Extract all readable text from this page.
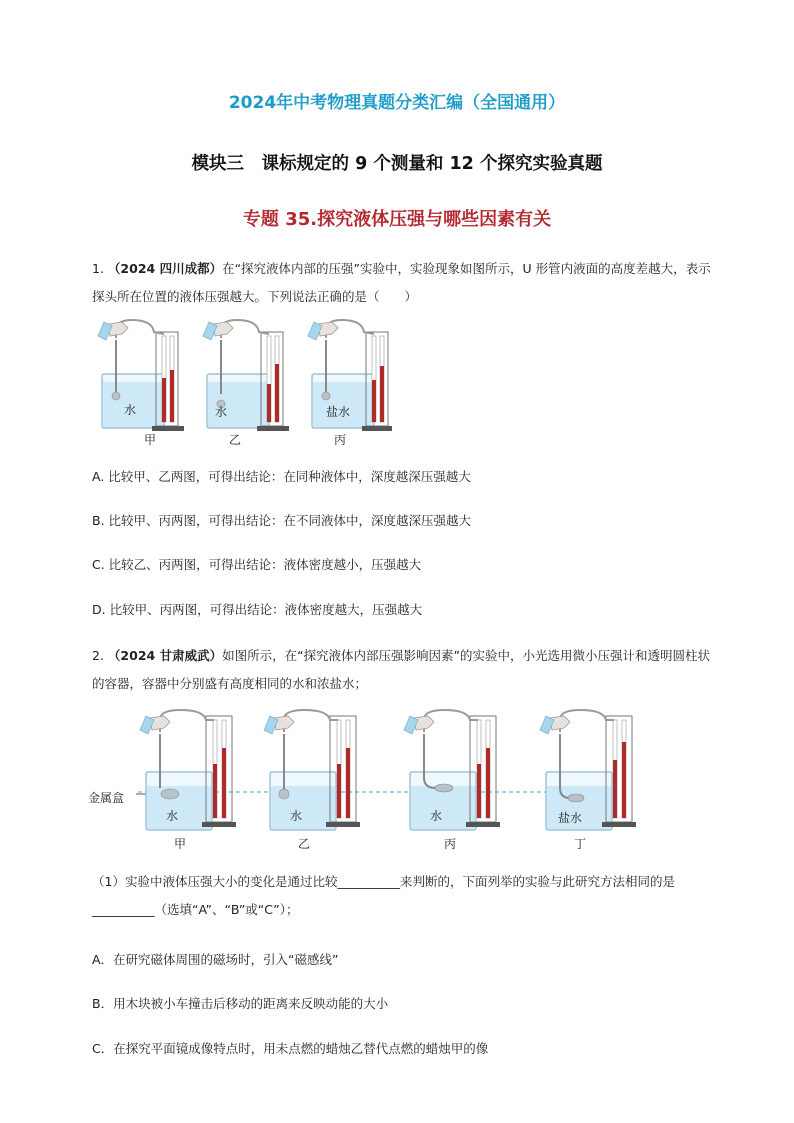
2024年中考物理真题分类汇编（全国通用）
模块三　课标规定的 9 个测量和 12 个探究实验真题
专题 35.探究液体压强与哪些因素有关
1. （2024 四川成都）在“探究液体内部的压强”实验中，实验现象如图所示，U 形管内液面的高度差越大，表示探头所在位置的液体压强越大。下列说法正确的是（　　）
水
甲
水
乙
盐水
丙
A. 比较甲、乙两图，可得出结论：在同种液体中，深度越深压强越大
B. 比较甲、丙两图，可得出结论：在不同液体中，深度越深压强越大
C. 比较乙、丙两图，可得出结论：液体密度越小，压强越大
D. 比较甲、丙两图，可得出结论：液体密度越大，压强越大
2. （2024 甘肃威武）如图所示，在“探究液体内部压强影响因素”的实验中，小光选用微小压强计和透明圆柱状的容器，容器中分别盛有高度相同的水和浓盐水；
金属盒
水
甲
水
乙
水
丙
盐水
丁
（1）实验中液体压强大小的变化是通过比较__________来判断的，下面列举的实验与此研究方法相同的是__________（选填“A”、“B”或“C”）；
A．在研究磁体周围的磁场时，引入“磁感线”
B．用木块被小车撞击后移动的距离来反映动能的大小
C．在探究平面镜成像特点时，用未点燃的蜡烛乙替代点燃的蜡烛甲的像
